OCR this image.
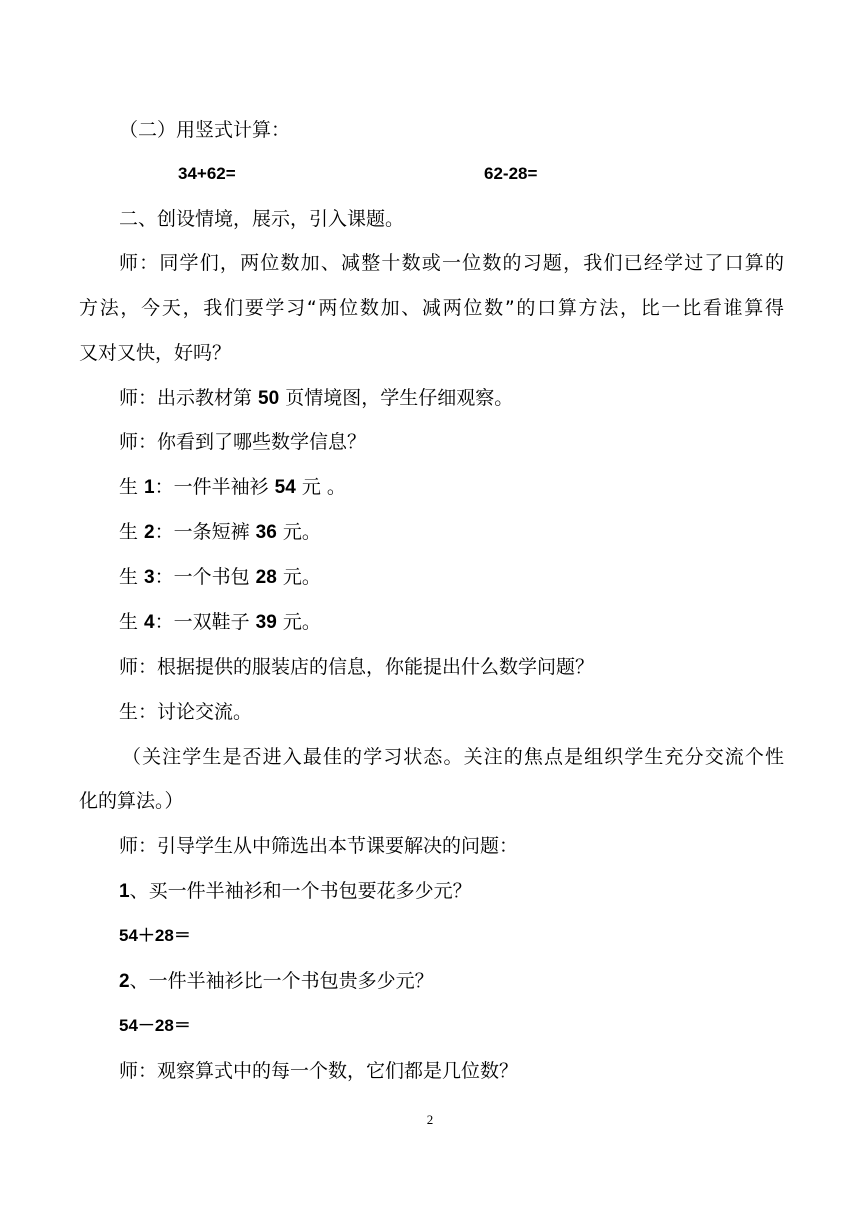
（二）用竖式计算：
34+62=	62-28=
二、创设情境，展示，引入课题。
师：同学们，两位数加、减整十数或一位数的习题，我们已经学过了口算的
方法，今天，我们要学习“两位数加、减两位数”的口算方法，比一比看谁算得
又对又快，好吗？
师：出示教材第 50 页情境图，学生仔细观察。
师：你看到了哪些数学信息？
生 1：一件半袖衫 54 元 。
生 2：一条短裤 36 元。
生 3：一个书包 28 元。
生 4：一双鞋子 39 元。
师：根据提供的服装店的信息，你能提出什么数学问题？
生：讨论交流。
（关注学生是否进入最佳的学习状态。关注的焦点是组织学生充分交流个性
化的算法。）
师：引导学生从中筛选出本节课要解决的问题：
1、买一件半袖衫和一个书包要花多少元？
54＋28＝
2、一件半袖衫比一个书包贵多少元？
54－28＝
师：观察算式中的每一个数，它们都是几位数？
2
